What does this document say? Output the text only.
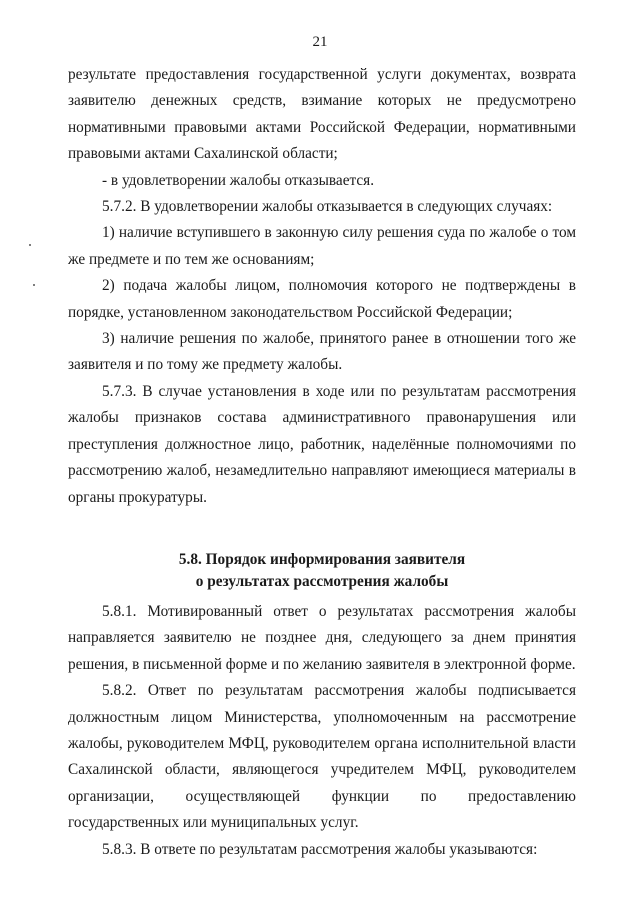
21

результате предоставления государственной услуги документах, возврата заявителю денежных средств, взимание которых не предусмотрено нормативными правовыми актами Российской Федерации, нормативными правовыми актами Сахалинской области;

- в удовлетворении жалобы отказывается.

5.7.2. В удовлетворении жалобы отказывается в следующих случаях:

1) наличие вступившего в законную силу решения суда по жалобе о том же предмете и по тем же основаниям;

2) подача жалобы лицом, полномочия которого не подтверждены в порядке, установленном законодательством Российской Федерации;

3) наличие решения по жалобе, принятого ранее в отношении того же заявителя и по тому же предмету жалобы.

5.7.3. В случае установления в ходе или по результатам рассмотрения жалобы признаков состава административного правонарушения или преступления должностное лицо, работник, наделённые полномочиями по рассмотрению жалоб, незамедлительно направляют имеющиеся материалы в органы прокуратуры.

5.8. Порядок информирования заявителя
о результатах рассмотрения жалобы

5.8.1. Мотивированный ответ о результатах рассмотрения жалобы направляется заявителю не позднее дня, следующего за днем принятия решения, в письменной форме и по желанию заявителя в электронной форме.

5.8.2. Ответ по результатам рассмотрения жалобы подписывается должностным лицом Министерства, уполномоченным на рассмотрение жалобы, руководителем МФЦ, руководителем органа исполнительной власти Сахалинской области, являющегося учредителем МФЦ, руководителем организации, осуществляющей функции по предоставлению государственных или муниципальных услуг.

5.8.3. В ответе по результатам рассмотрения жалобы указываются:
